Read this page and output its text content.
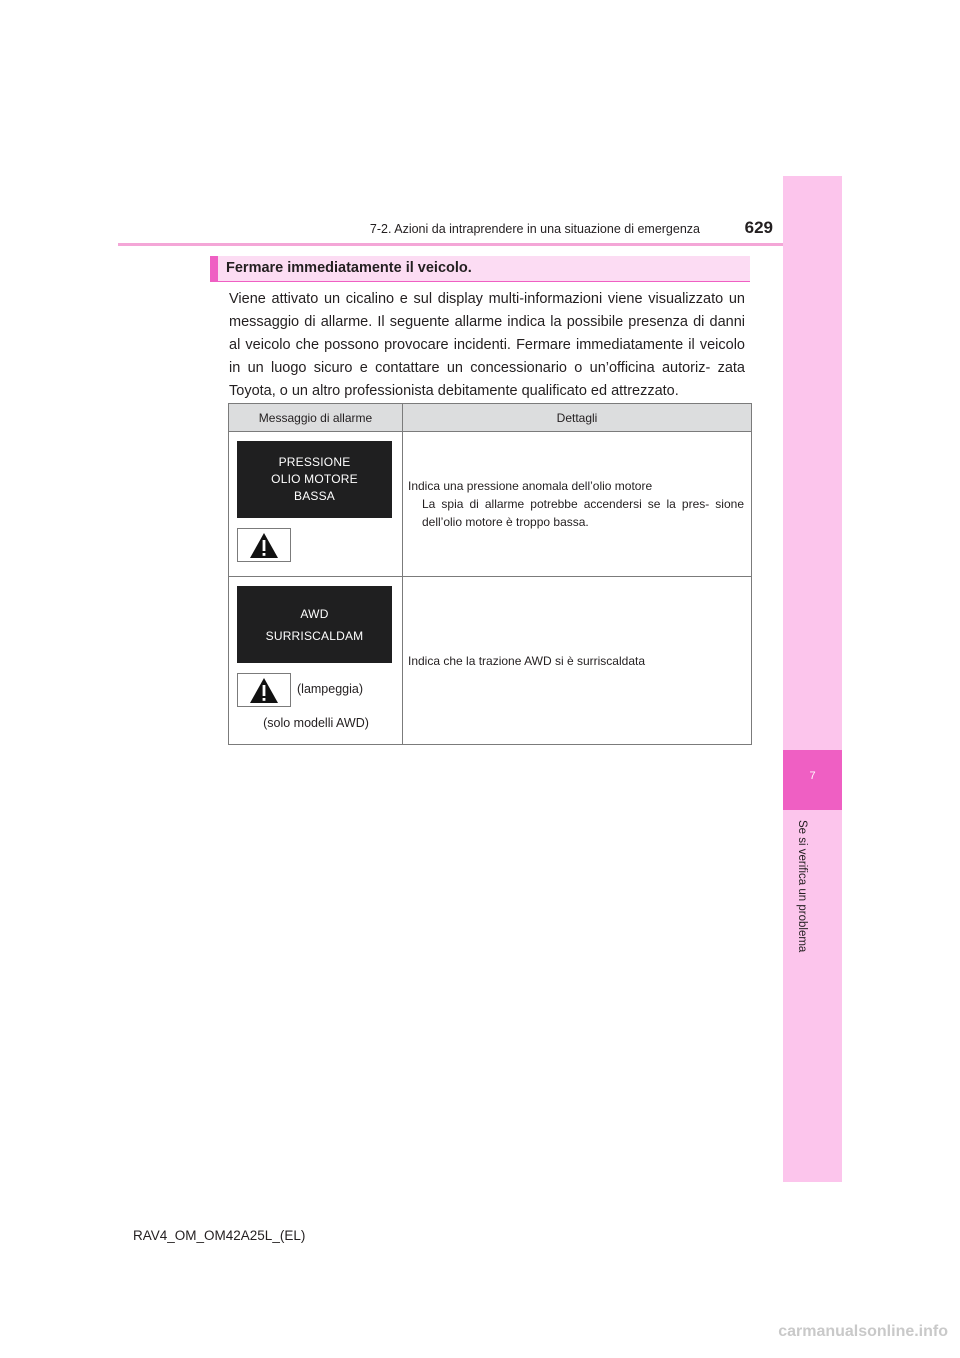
629
7-2. Azioni da intraprendere in una situazione di emergenza
7
Se si verifica un problema
Fermare immediatamente il veicolo.
Viene attivato un cicalino e sul display multi-informazioni viene visualizzato un messaggio di allarme. Il seguente allarme indica la possibile presenza di danni al veicolo che possono provocare incidenti. Fermare immediatamente il veicolo in un luogo sicuro e contattare un concessionario o un’officina autoriz- zata Toyota, o un altro professionista debitamente qualificato ed attrezzato.
Messaggio di allarme	Dettagli

PRESSIONE
OLIO MOTORE
BASSA	Indica una pressione anomala dell’olio motore
La spia di allarme potrebbe accendersi se la pres- sione dell’olio motore è troppo bassa.

AWD
SURRISCALDAM
(lampeggia)
(solo modelli AWD)	Indica che la trazione AWD si è surriscaldata
RAV4_OM_OM42A25L_(EL)
carmanualsonline.info
